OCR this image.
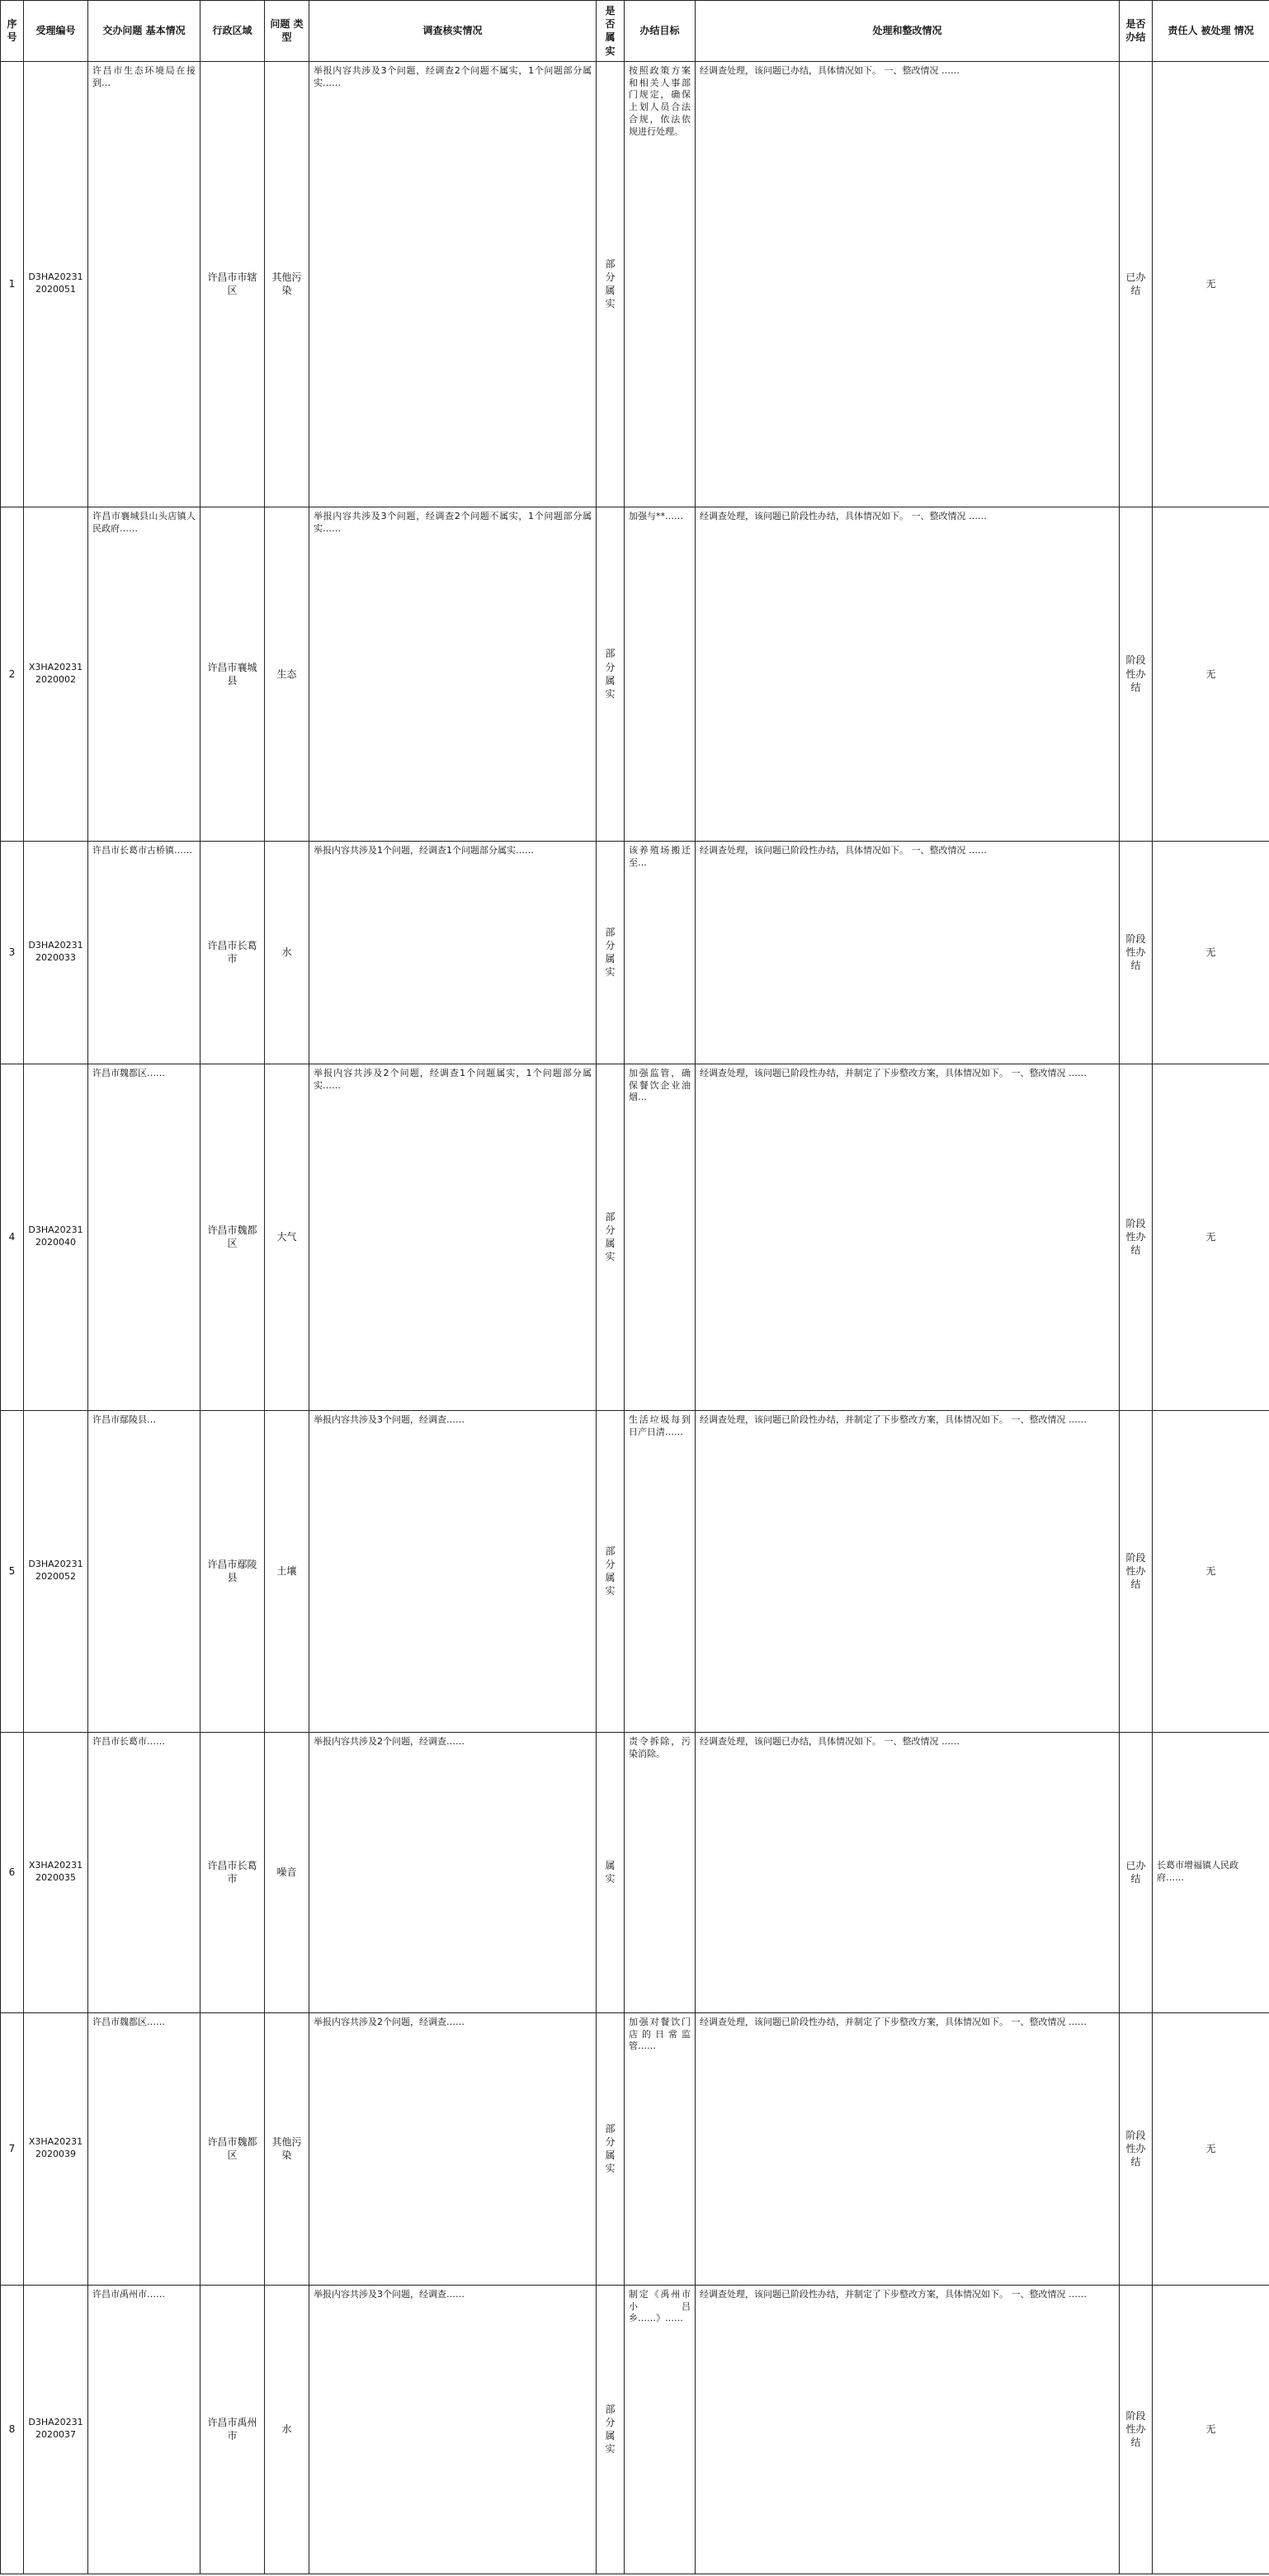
序号	受理编号	交办问题 基本情况	行政区域	问题 类型	调查核实情况	是否属实	办结目标	处理和整改情况	是否 办结	责任人 被处理 情况
1	D3HA202312020051	许昌市生态环境局在接到…	许昌市市辖区	其他污染	举报内容共涉及3个问题，经调查2个问题不属实，1个问题部分属实……	部分属实	按照政策方案和相关人事部门规定，确保上划人员合法合规，依法依规进行处理。	经调查处理，该问题已办结，具体情况如下。 一、整改情况 ……	已办结	无
2	X3HA202312020002	许昌市襄城县山头店镇人民政府……	许昌市襄城县	生态	举报内容共涉及3个问题，经调查2个问题不属实，1个问题部分属实……	部分属实	加强与**……	经调查处理，该问题已阶段性办结，具体情况如下。 一、整改情况 ……	阶段性办结	无
3	D3HA202312020033	许昌市长葛市古桥镇……	许昌市长葛市	水	举报内容共涉及1个问题，经调查1个问题部分属实……	部分属实	该养殖场搬迁至…	经调查处理，该问题已阶段性办结，具体情况如下。 一、整改情况 ……	阶段性办结	无
4	D3HA202312020040	许昌市魏都区……	许昌市魏都区	大气	举报内容共涉及2个问题，经调查1个问题属实，1个问题部分属实……	部分属实	加强监管，确保餐饮企业油烟…	经调查处理，该问题已阶段性办结，并制定了下步整改方案，具体情况如下。 一、整改情况 ……	阶段性办结	无
5	D3HA202312020052	许昌市鄢陵县…	许昌市鄢陵县	土壤	举报内容共涉及3个问题，经调查……	部分属实	生活垃圾每到日产日清……	经调查处理，该问题已阶段性办结，并制定了下步整改方案，具体情况如下。 一、整改情况 ……	阶段性办结	无
6	X3HA202312020035	许昌市长葛市……	许昌市长葛市	噪音	举报内容共涉及2个问题，经调查……	属实	责令拆除，污染消除。	经调查处理，该问题已办结，具体情况如下。 一、整改情况 ……	已办结	长葛市增福镇人民政府……
7	X3HA202312020039	许昌市魏都区……	许昌市魏都区	其他污染	举报内容共涉及2个问题，经调查……	部分属实	加强对餐饮门店的日常监管……	经调查处理，该问题已阶段性办结，并制定了下步整改方案，具体情况如下。 一、整改情况 ……	阶段性办结	无
8	D3HA202312020037	许昌市禹州市……	许昌市禹州市	水	举报内容共涉及3个问题，经调查……	部分属实	制定《禹州市小吕乡……》……	经调查处理，该问题已阶段性办结，并制定了下步整改方案，具体情况如下。 一、整改情况 ……	阶段性办结	无
